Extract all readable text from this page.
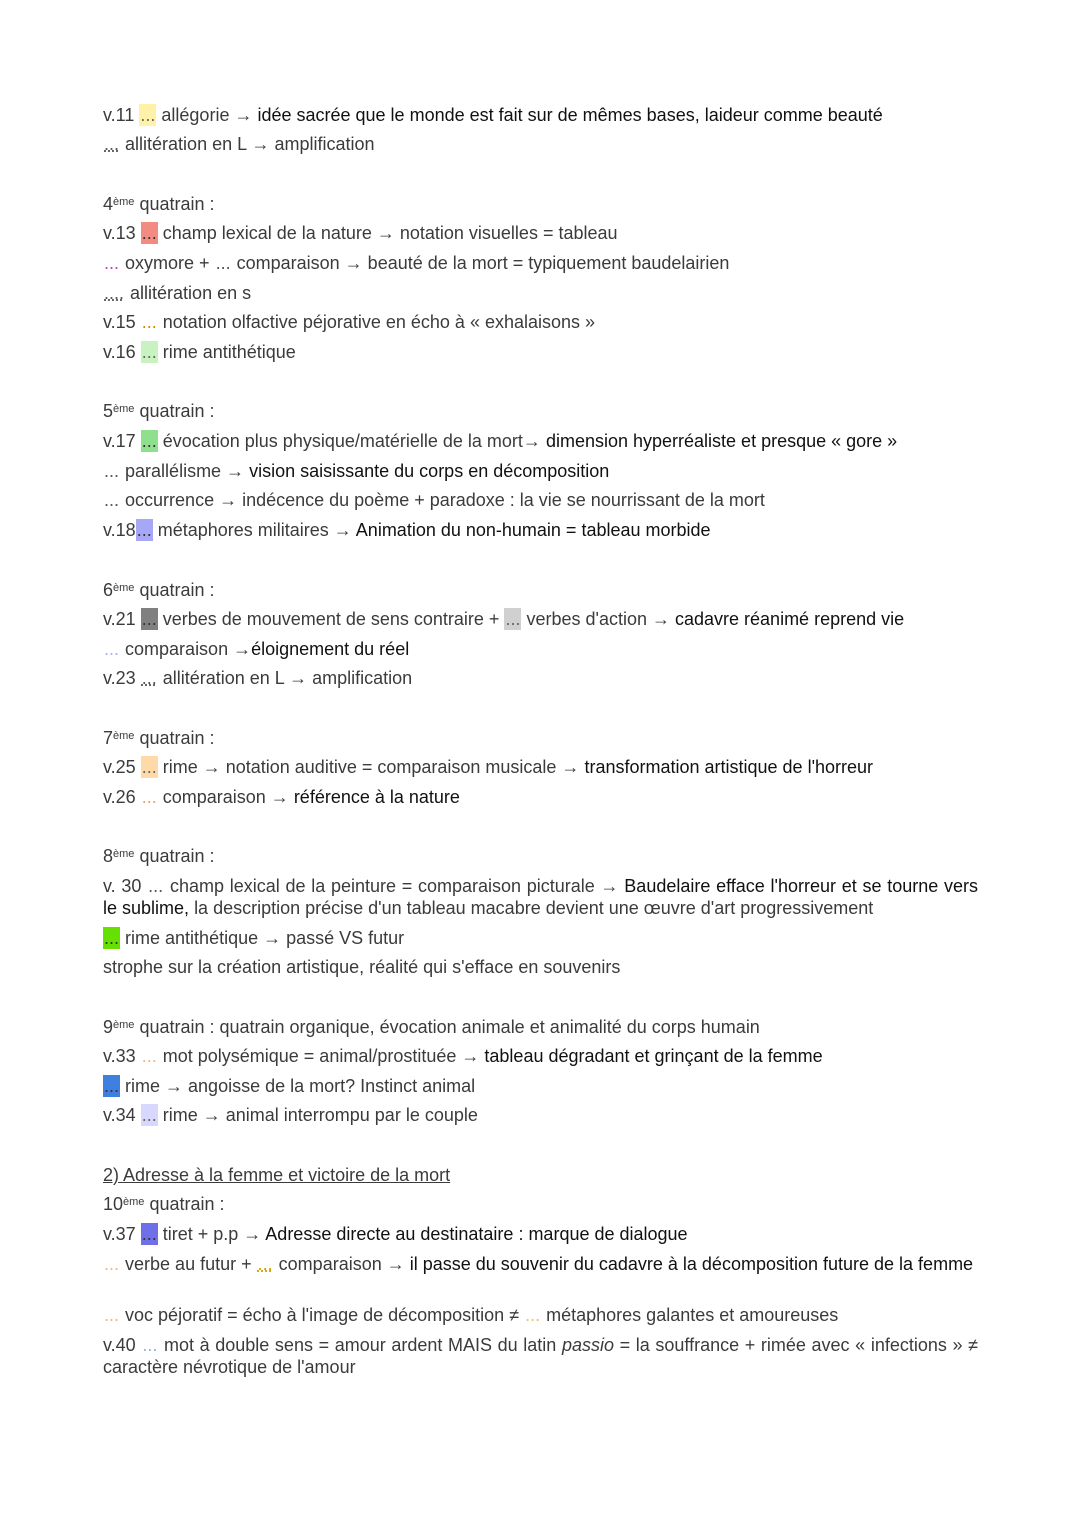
v.11 ... allégorie → idée sacrée que le monde est fait sur de mêmes bases, laideur comme beauté
... allitération en L → amplification
4ème quatrain :
v.13 ... champ lexical de la nature → notation visuelles = tableau
... oxymore + ... comparaison → beauté de la mort = typiquement baudelairien
.... allitération en s
v.15 ... notation olfactive péjorative en écho à « exhalaisons »
v.16 ... rime antithétique
5ème quatrain :
v.17 ... évocation plus physique/matérielle de la mort→ dimension hyperréaliste et presque « gore »
... parallélisme → vision saisissante du corps en décomposition
... occurrence → indécence du poème + paradoxe : la vie se nourrissant de la mort
v.18... métaphores militaires → Animation du non-humain = tableau morbide
6ème quatrain :
v.21 ... verbes de mouvement de sens contraire + ... verbes d'action → cadavre réanimé reprend vie
... comparaison →éloignement du réel
v.23 ... allitération en L → amplification
7ème quatrain :
v.25 ... rime → notation auditive = comparaison musicale → transformation artistique de l'horreur
v.26 ... comparaison → référence à la nature
8ème quatrain :
v. 30 ... champ lexical de la peinture = comparaison picturale → Baudelaire efface l'horreur et se tourne vers le sublime, la description précise d'un tableau macabre devient une œuvre d'art progressivement
... rime antithétique → passé VS futur
strophe sur la création artistique, réalité qui s'efface en souvenirs
9ème quatrain : quatrain organique, évocation animale et animalité du corps humain
v.33 ... mot polysémique = animal/prostituée → tableau dégradant et grinçant de la femme
... rime → angoisse de la mort? Instinct animal
v.34 ... rime → animal interrompu par le couple
2) Adresse à la femme et victoire de la mort
10ème quatrain :
v.37 ... tiret + p.p → Adresse directe au destinataire : marque de dialogue
... verbe au futur + ... comparaison → il passe du souvenir du cadavre à la décomposition future de la femme
... voc péjoratif = écho à l'image de décomposition ≠ ... métaphores galantes et amoureuses
v.40 ... mot à double sens = amour ardent MAIS du latin passio = la souffrance + rimée avec « infections » ≠ caractère névrotique de l'amour
